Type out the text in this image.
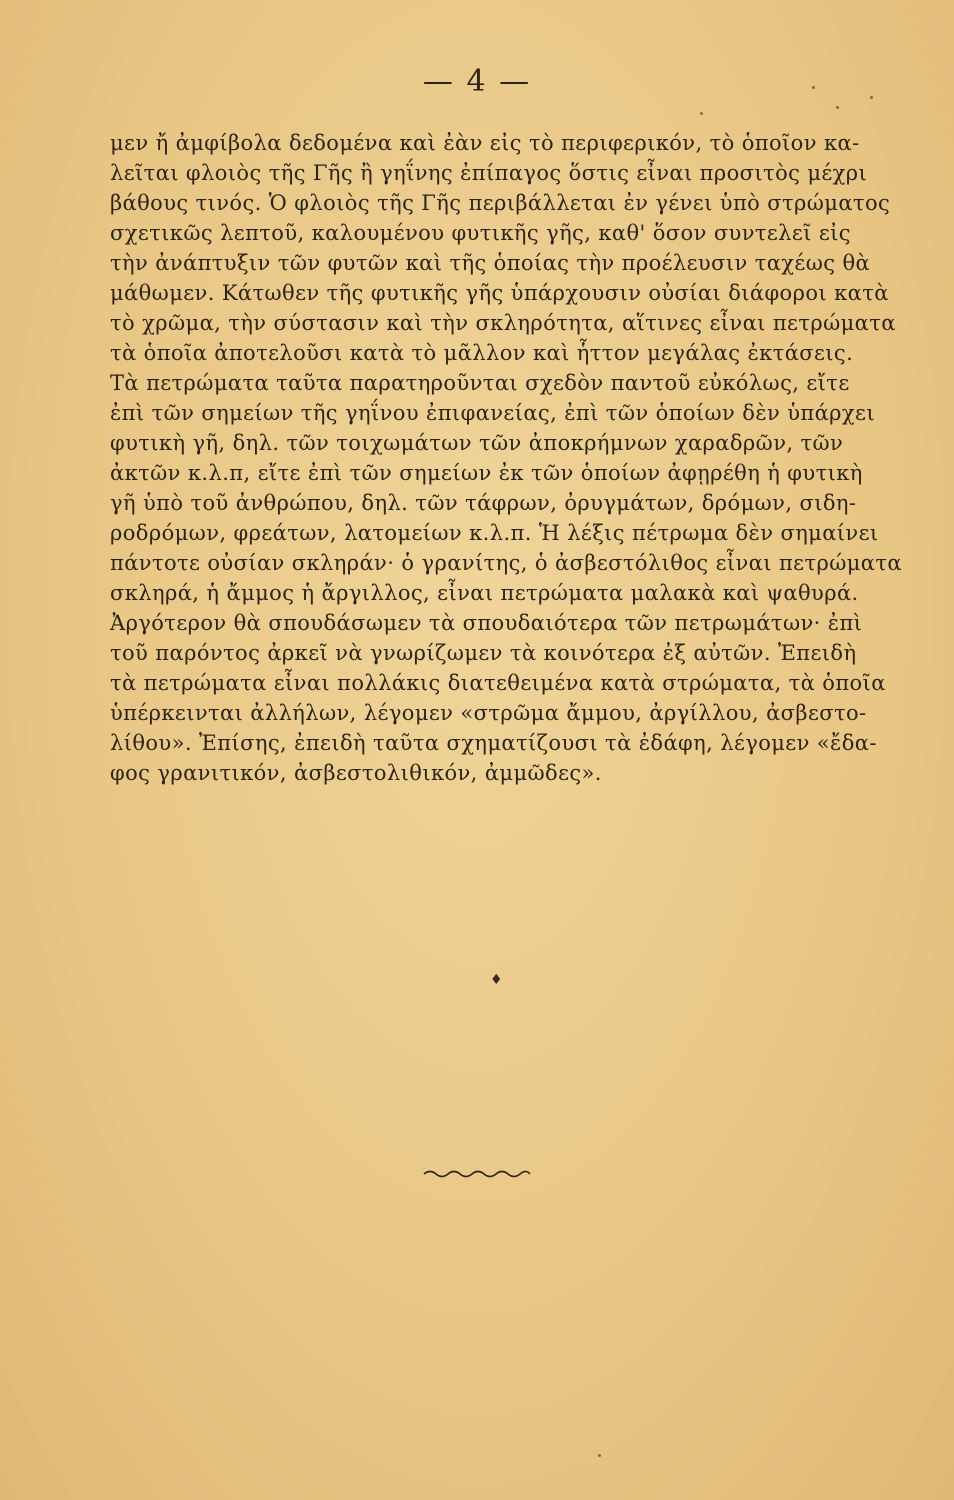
— 4 —
μεν ἤ ἀμφίβολα δεδομένα καὶ ἐὰν εἰς τὸ περιφερικόν, τὸ ὁποῖον κα-
λεῖται φλοιὸς τῆς Γῆς ἢ γηΐνης ἐπίπαγος ὅστις εἶναι προσιτὸς μέχρι
βάθους τινός. Ὁ φλοιὸς τῆς Γῆς περιβάλλεται ἐν γένει ὑπὸ στρώματος
σχετικῶς λεπτοῦ, καλουμένου φυτικῆς γῆς, καθ' ὅσον συντελεῖ εἰς
τὴν ἀνάπτυξιν τῶν φυτῶν καὶ τῆς ὁποίας τὴν προέλευσιν ταχέως θὰ
μάθωμεν. Κάτωθεν τῆς φυτικῆς γῆς ὑπάρχουσιν οὐσίαι διάφοροι κατὰ
τὸ χρῶμα, τὴν σύστασιν καὶ τὴν σκληρότητα, αἵτινες εἶναι πετρώματα
τὰ ὁποῖα ἀποτελοῦσι κατὰ τὸ μᾶλλον καὶ ἧττον μεγάλας ἐκτάσεις.
Τὰ πετρώματα ταῦτα παρατηροῦνται σχεδὸν παντοῦ εὐκόλως, εἴτε
ἐπὶ τῶν σημείων τῆς γηΐνου ἐπιφανείας, ἐπὶ τῶν ὁποίων δὲν ὑπάρχει
φυτικὴ γῆ, δηλ. τῶν τοιχωμάτων τῶν ἀποκρήμνων χαραδρῶν, τῶν
ἀκτῶν κ.λ.π, εἴτε ἐπὶ τῶν σημείων ἐκ τῶν ὁποίων ἀφῃρέθη ἡ φυτικὴ
γῆ ὑπὸ τοῦ ἀνθρώπου, δηλ. τῶν τάφρων, ὀρυγμάτων, δρόμων, σιδη-
ροδρόμων, φρεάτων, λατομείων κ.λ.π. Ἡ λέξις πέτρωμα δὲν σημαίνει
πάντοτε οὐσίαν σκληράν· ὁ γρανίτης, ὁ ἀσβεστόλιθος εἶναι πετρώματα
σκληρά, ἡ ἄμμος ἡ ἄργιλλος, εἶναι πετρώματα μαλακὰ καὶ ψαθυρά.
Ἀργότερον θὰ σπουδάσωμεν τὰ σπουδαιότερα τῶν πετρωμάτων· ἐπὶ
τοῦ παρόντος ἀρκεῖ νὰ γνωρίζωμεν τὰ κοινότερα ἐξ αὐτῶν. Ἐπειδὴ
τὰ πετρώματα εἶναι πολλάκις διατεθειμένα κατὰ στρώματα, τὰ ὁποῖα
ὑπέρκεινται ἀλλήλων, λέγομεν «στρῶμα ἄμμου, ἀργίλλου, ἀσβεστο-
λίθου». Ἐπίσης, ἐπειδὴ ταῦτα σχηματίζουσι τὰ ἐδάφη, λέγομεν «ἔδα-
φος γρανιτικόν, ἀσβεστολιθικόν, ἀμμῶδες».
♦
